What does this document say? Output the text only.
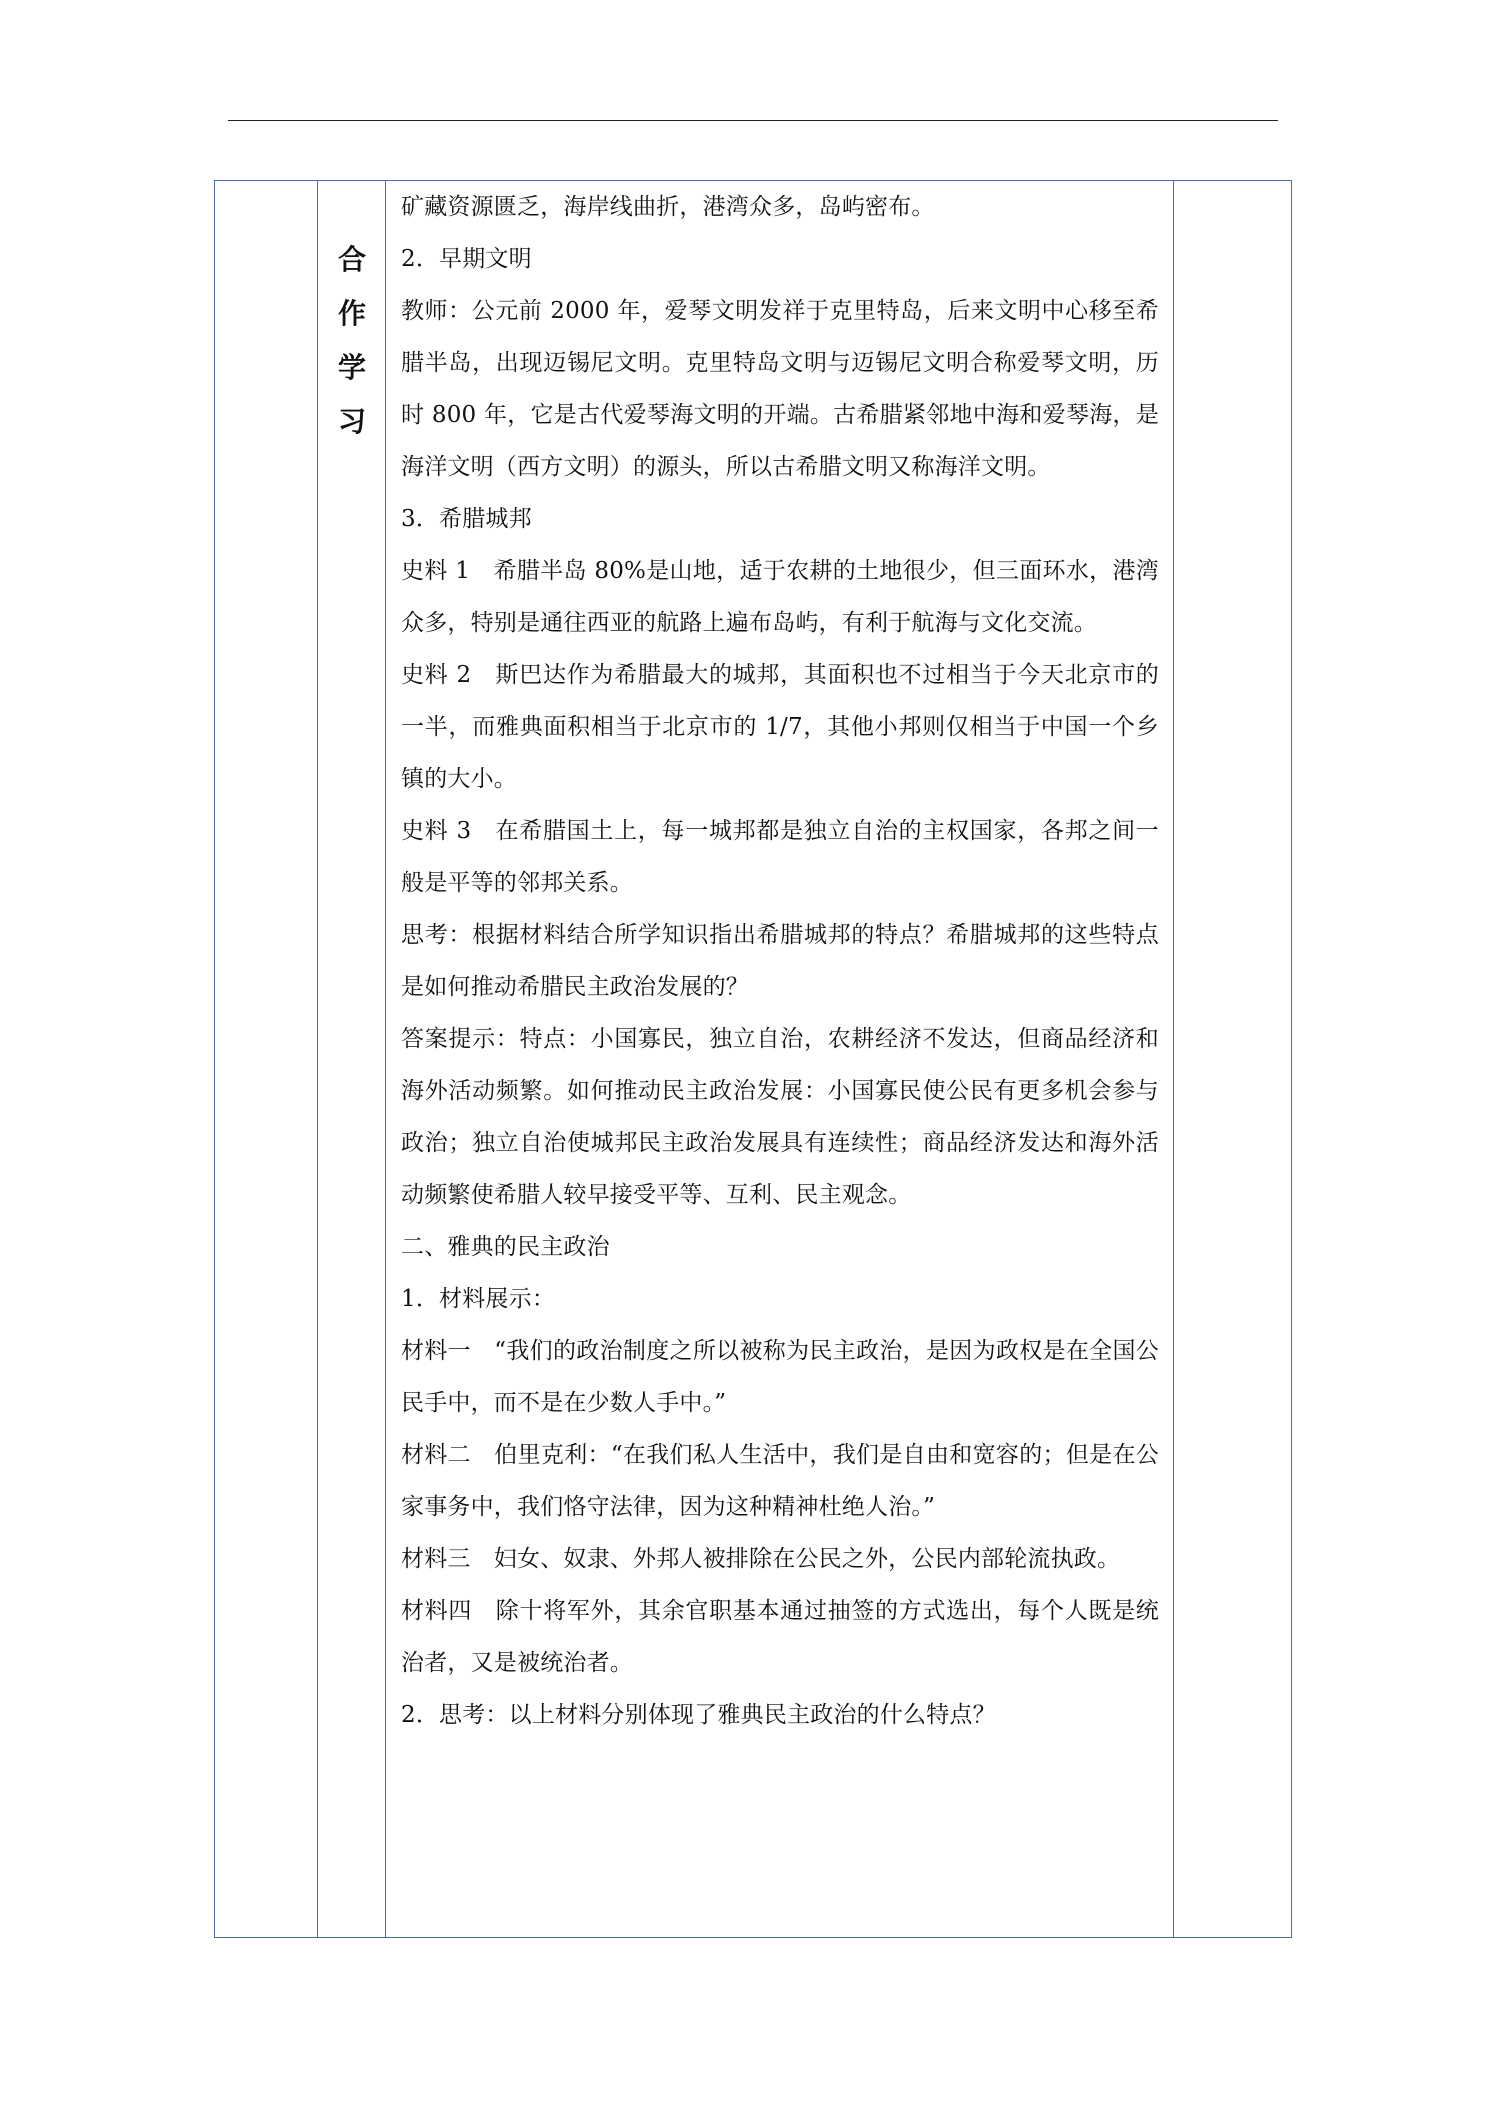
合
作
学
习

矿藏资源匮乏，海岸线曲折，港湾众多，岛屿密布。

2．早期文明

教师：公元前 2000 年，爱琴文明发祥于克里特岛，后来文明中心移至希腊半岛，出现迈锡尼文明。克里特岛文明与迈锡尼文明合称爱琴文明，历时 800 年，它是古代爱琴海文明的开端。古希腊紧邻地中海和爱琴海，是海洋文明（西方文明）的源头，所以古希腊文明又称海洋文明。

3．希腊城邦

史料 1　希腊半岛 80%是山地，适于农耕的土地很少，但三面环水，港湾众多，特别是通往西亚的航路上遍布岛屿，有利于航海与文化交流。

史料 2　斯巴达作为希腊最大的城邦，其面积也不过相当于今天北京市的一半，而雅典面积相当于北京市的 1/7，其他小邦则仅相当于中国一个乡镇的大小。

史料 3　在希腊国土上，每一城邦都是独立自治的主权国家，各邦之间一般是平等的邻邦关系。

思考：根据材料结合所学知识指出希腊城邦的特点？希腊城邦的这些特点是如何推动希腊民主政治发展的？

答案提示：特点：小国寡民，独立自治，农耕经济不发达，但商品经济和海外活动频繁。如何推动民主政治发展：小国寡民使公民有更多机会参与政治；独立自治使城邦民主政治发展具有连续性；商品经济发达和海外活动频繁使希腊人较早接受平等、互利、民主观念。

二、雅典的民主政治

1．材料展示：

材料一　“我们的政治制度之所以被称为民主政治，是因为政权是在全国公民手中，而不是在少数人手中。”

材料二　伯里克利：“在我们私人生活中，我们是自由和宽容的；但是在公家事务中，我们恪守法律，因为这种精神杜绝人治。”

材料三　妇女、奴隶、外邦人被排除在公民之外，公民内部轮流执政。

材料四　除十将军外，其余官职基本通过抽签的方式选出，每个人既是统治者，又是被统治者。

2．思考：以上材料分别体现了雅典民主政治的什么特点？
